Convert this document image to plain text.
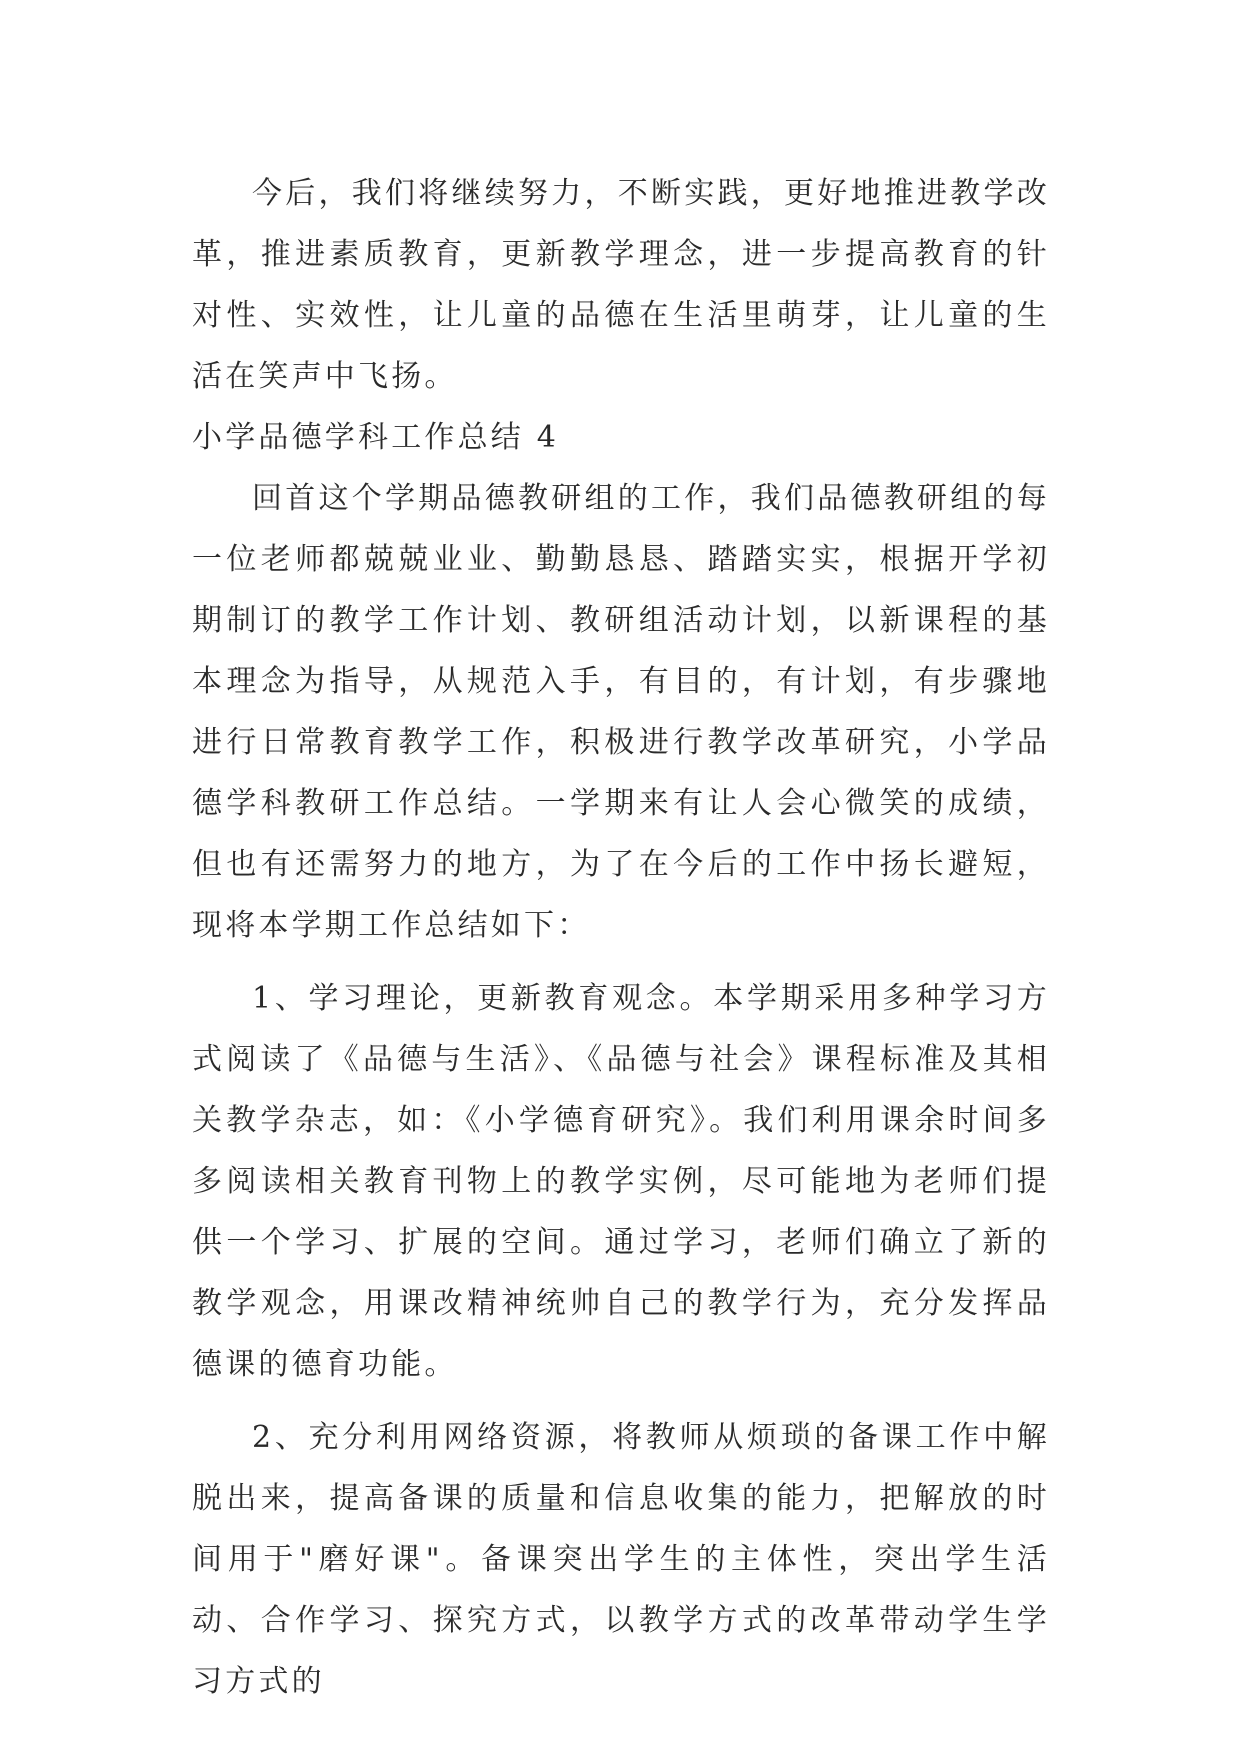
今后，我们将继续努力，不断实践，更好地推进教学改革，推进素质教育，更新教学理念，进一步提高教育的针对性、实效性，让儿童的品德在生活里萌芽，让儿童的生活在笑声中飞扬。

小学品德学科工作总结 4

回首这个学期品德教研组的工作，我们品德教研组的每一位老师都兢兢业业、勤勤恳恳、踏踏实实，根据开学初期制订的教学工作计划、教研组活动计划，以新课程的基本理念为指导，从规范入手，有目的，有计划，有步骤地进行日常教育教学工作，积极进行教学改革研究，小学品德学科教研工作总结。一学期来有让人会心微笑的成绩，但也有还需努力的地方，为了在今后的工作中扬长避短，现将本学期工作总结如下：

1、学习理论，更新教育观念。本学期采用多种学习方式阅读了《品德与生活》、《品德与社会》课程标准及其相关教学杂志，如：《小学德育研究》。我们利用课余时间多多阅读相关教育刊物上的教学实例，尽可能地为老师们提供一个学习、扩展的空间。通过学习，老师们确立了新的教学观念，用课改精神统帅自己的教学行为，充分发挥品德课的德育功能。

2、充分利用网络资源，将教师从烦琐的备课工作中解脱出来，提高备课的质量和信息收集的能力，把解放的时间用于"磨好课"。备课突出学生的主体性，突出学生活动、合作学习、探究方式，以教学方式的改革带动学生学习方式的
